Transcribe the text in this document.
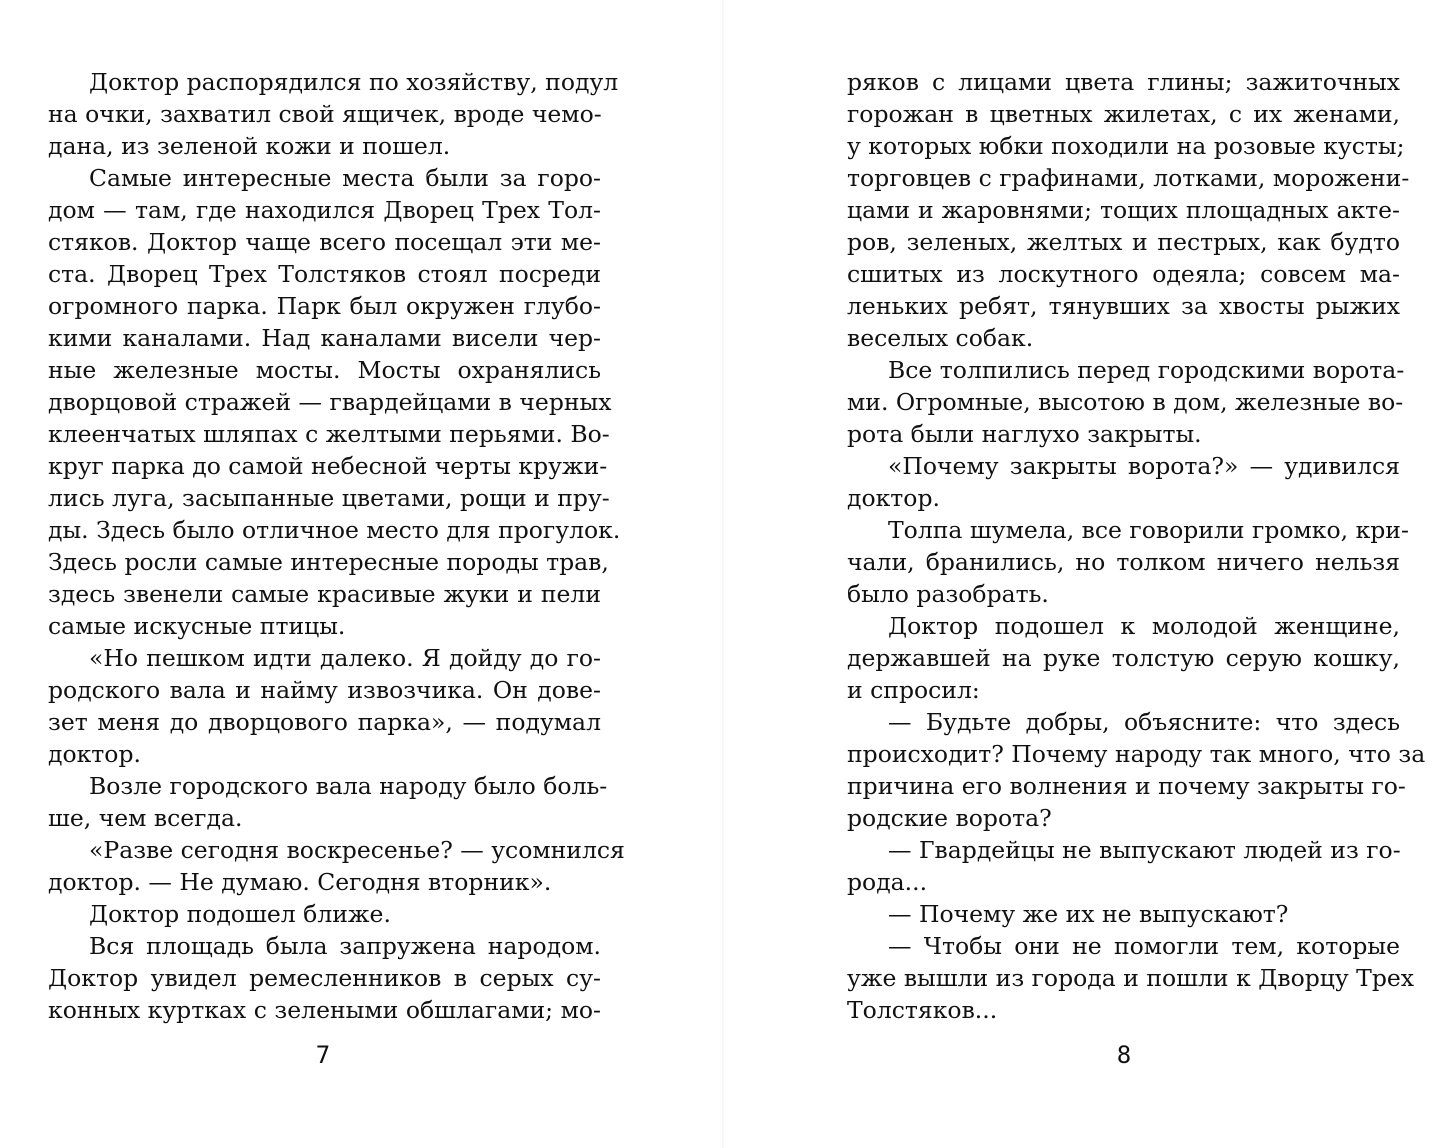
Доктор распорядился по хозяйству, подул
на очки, захватил свой ящичек, вроде чемо-
дана, из зеленой кожи и пошел.
Самые интересные места были за горо-
дом — там, где находился Дворец Трех Тол-
стяков. Доктор чаще всего посещал эти ме-
ста. Дворец Трех Толстяков стоял посреди
огромного парка. Парк был окружен глубо-
кими каналами. Над каналами висели чер-
ные железные мосты. Мосты охранялись
дворцовой стражей — гвардейцами в черных
клеенчатых шляпах с желтыми перьями. Во-
круг парка до самой небесной черты кружи-
лись луга, засыпанные цветами, рощи и пру-
ды. Здесь было отличное место для прогулок.
Здесь росли самые интересные породы трав,
здесь звенели самые красивые жуки и пели
самые искусные птицы.
«Но пешком идти далеко. Я дойду до го-
родского вала и найму извозчика. Он дове-
зет меня до дворцового парка», — подумал
доктор.
Возле городского вала народу было боль-
ше, чем всегда.
«Разве сегодня воскресенье? — усомнился
доктор. — Не думаю. Сегодня вторник».
Доктор подошел ближе.
Вся площадь была запружена народом.
Доктор увидел ремесленников в серых су-
конных куртках с зелеными обшлагами; мо-
7
ряков с лицами цвета глины; зажиточных
горожан в цветных жилетах, с их женами,
у которых юбки походили на розовые кусты;
торговцев с графинами, лотками, морожени-
цами и жаровнями; тощих площадных акте-
ров, зеленых, желтых и пестрых, как будто
сшитых из лоскутного одеяла; совсем ма-
леньких ребят, тянувших за хвосты рыжих
веселых собак.
Все толпились перед городскими ворота-
ми. Огромные, высотою в дом, железные во-
рота были наглухо закрыты.
«Почему закрыты ворота?» — удивился
доктор.
Толпа шумела, все говорили громко, кри-
чали, бранились, но толком ничего нельзя
было разобрать.
Доктор подошел к молодой женщине,
державшей на руке толстую серую кошку,
и спросил:
— Будьте добры, объясните: что здесь
происходит? Почему народу так много, что за
причина его волнения и почему закрыты го-
родские ворота?
— Гвардейцы не выпускают людей из го-
рода...
— Почему же их не выпускают?
— Чтобы они не помогли тем, которые
уже вышли из города и пошли к Дворцу Трех
Толстяков...
8
